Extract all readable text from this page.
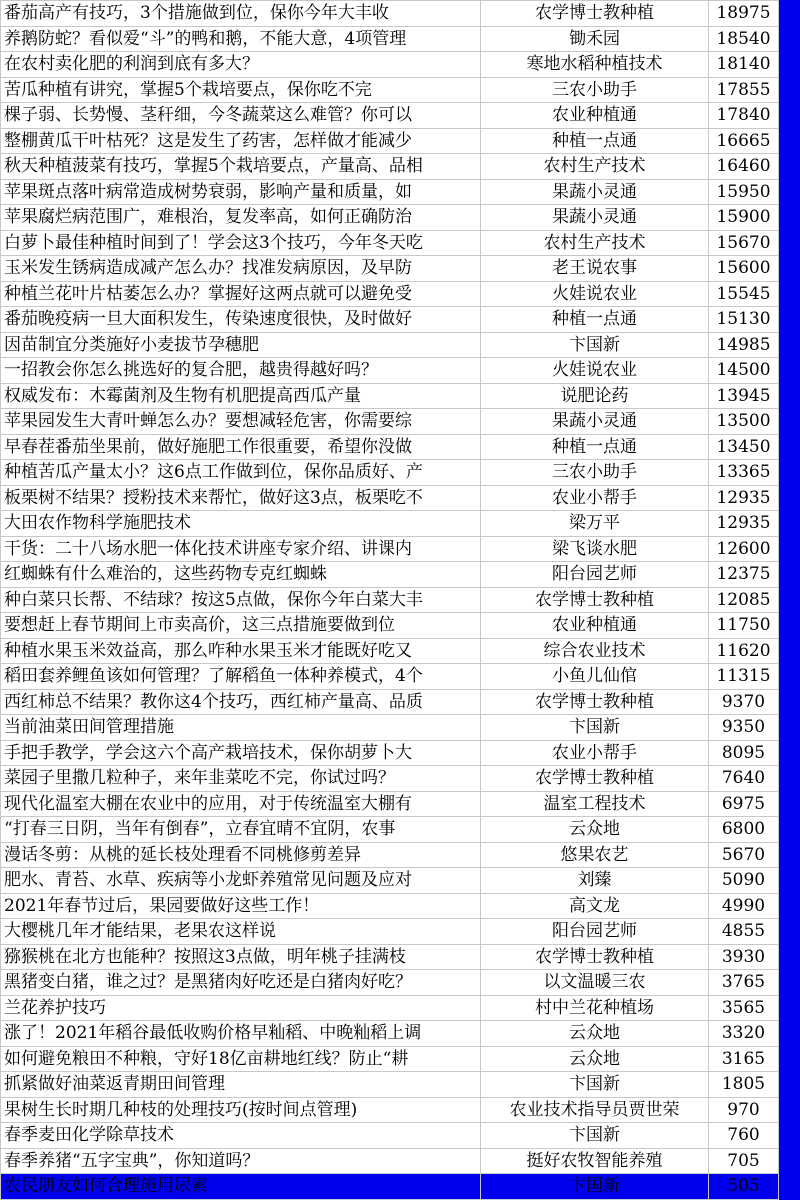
番茄高产有技巧，3个措施做到位，保你今年大丰收	农学博士教种植	18975
养鹅防蛇？看似爱“斗”的鸭和鹅，不能大意，4项管理	锄禾园	18540
在农村卖化肥的利润到底有多大？	寒地水稻种植技术	18140
苦瓜种植有讲究，掌握5个栽培要点，保你吃不完	三农小助手	17855
棵子弱、长势慢、茎秆细，今冬蔬菜这么难管？你可以	农业种植通	17840
整棚黄瓜干叶枯死？这是发生了药害，怎样做才能减少	种植一点通	16665
秋天种植菠菜有技巧，掌握5个栽培要点，产量高、品相	农村生产技术	16460
苹果斑点落叶病常造成树势衰弱，影响产量和质量，如	果蔬小灵通	15950
苹果腐烂病范围广，难根治，复发率高，如何正确防治	果蔬小灵通	15900
白萝卜最佳种植时间到了！学会这3个技巧，今年冬天吃	农村生产技术	15670
玉米发生锈病造成减产怎么办？找准发病原因，及早防	老王说农事	15600
种植兰花叶片枯萎怎么办？掌握好这两点就可以避免受	火娃说农业	15545
番茄晚疫病一旦大面积发生，传染速度很快，及时做好	种植一点通	15130
因苗制宜分类施好小麦拔节孕穗肥	卞国新	14985
一招教会你怎么挑选好的复合肥，越贵得越好吗？	火娃说农业	14500
权威发布：木霉菌剂及生物有机肥提高西瓜产量	说肥论药	13945
苹果园发生大青叶蝉怎么办？要想减轻危害，你需要综	果蔬小灵通	13500
早春茬番茄坐果前，做好施肥工作很重要，希望你没做	种植一点通	13450
种植苦瓜产量太小？这6点工作做到位，保你品质好、产	三农小助手	13365
板栗树不结果？授粉技术来帮忙，做好这3点，板栗吃不	农业小帮手	12935
大田农作物科学施肥技术	梁万平	12935
干货：二十八场水肥一体化技术讲座专家介绍、讲课内	梁飞谈水肥	12600
红蜘蛛有什么难治的，这些药物专克红蜘蛛	阳台园艺师	12375
种白菜只长帮、不结球？按这5点做，保你今年白菜大丰	农学博士教种植	12085
要想赶上春节期间上市卖高价，这三点措施要做到位	农业种植通	11750
种植水果玉米效益高，那么咋种水果玉米才能既好吃又	综合农业技术	11620
稻田套养鲤鱼该如何管理？了解稻鱼一体种养模式，4个	小鱼儿仙倌	11315
西红柿总不结果？教你这4个技巧，西红柿产量高、品质	农学博士教种植	9370
当前油菜田间管理措施	卞国新	9350
手把手教学，学会这六个高产栽培技术，保你胡萝卜大	农业小帮手	8095
菜园子里撒几粒种子，来年韭菜吃不完，你试过吗？	农学博士教种植	7640
现代化温室大棚在农业中的应用，对于传统温室大棚有	温室工程技术	6975
“打春三日阴，当年有倒春”，立春宜晴不宜阴，农事	云众地	6800
漫话冬剪：从桃的延长枝处理看不同桃修剪差异	悠果农艺	5670
肥水、青苔、水草、疾病等小龙虾养殖常见问题及应对	刘臻	5090
2021年春节过后，果园要做好这些工作！	高文龙	4990
大樱桃几年才能结果，老果农这样说	阳台园艺师	4855
猕猴桃在北方也能种？按照这3点做，明年桃子挂满枝	农学博士教种植	3930
黑猪变白猪，谁之过？是黑猪肉好吃还是白猪肉好吃？	以文温暖三农	3765
兰花养护技巧	村中兰花种植场	3565
涨了！2021年稻谷最低收购价格早籼稻、中晚籼稻上调	云众地	3320
如何避免粮田不种粮，守好18亿亩耕地红线？防止“耕	云众地	3165
抓紧做好油菜返青期田间管理	卞国新	1805
果树生长时期几种枝的处理技巧(按时间点管理)	农业技术指导员贾世荣	970
春季麦田化学除草技术	卞国新	760
春季养猪“五字宝典”，你知道吗？	挺好农牧智能养殖	705
农民朋友如何合理施用尿素	卞国新	505
